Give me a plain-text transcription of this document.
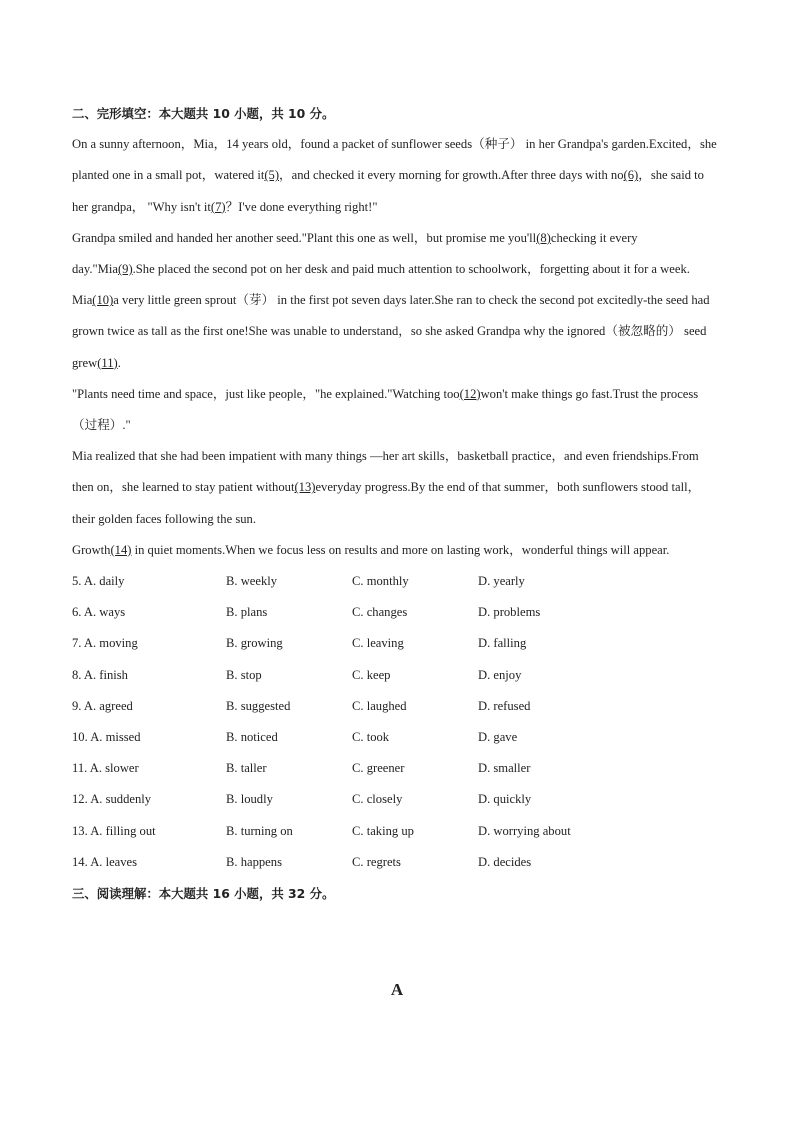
二、完形填空：本大题共 10 小题，共 10 分。

On a sunny afternoon，Mia，14 years old，found a packet of sunflower seeds（种子） in her Grandpa's garden.Excited，she planted one in a small pot，watered it(5)，and checked it every morning for growth.After three days with no(6)，she said to her grandpa， "Why isn't it(7)？I've done everything right!"

Grandpa smiled and handed her another seed."Plant this one as well，but promise me you'll(8)checking it every day."Mia(9).She placed the second pot on her desk and paid much attention to schoolwork，forgetting about it for a week.

Mia(10)a very little green sprout（芽） in the first pot seven days later.She ran to check the second pot excitedly-the seed had grown twice as tall as the first one!She was unable to understand，so she asked Grandpa why the ignored（被忽略的） seed grew(11).

"Plants need time and space，just like people，"he explained."Watching too(12)won't make things go fast.Trust the process（过程）."

Mia realized that she had been impatient with many things —her art skills，basketball practice，and even friendships.From then on，she learned to stay patient without(13)everyday progress.By the end of that summer，both sunflowers stood tall，their golden faces following the sun.

Growth(14) in quiet moments.When we focus less on results and more on lasting work，wonderful things will appear.

5. A. daily	B. weekly	C. monthly	D. yearly
6. A. ways	B. plans	C. changes	D. problems
7. A. moving	B. growing	C. leaving	D. falling
8. A. finish	B. stop	C. keep	D. enjoy
9. A. agreed	B. suggested	C. laughed	D. refused
10. A. missed	B. noticed	C. took	D. gave
11. A. slower	B. taller	C. greener	D. smaller
12. A. suddenly	B. loudly	C. closely	D. quickly
13. A. filling out	B. turning on	C. taking up	D. worrying about
14. A. leaves	B. happens	C. regrets	D. decides
三、阅读理解：本大题共 16 小题，共 32 分。
A
